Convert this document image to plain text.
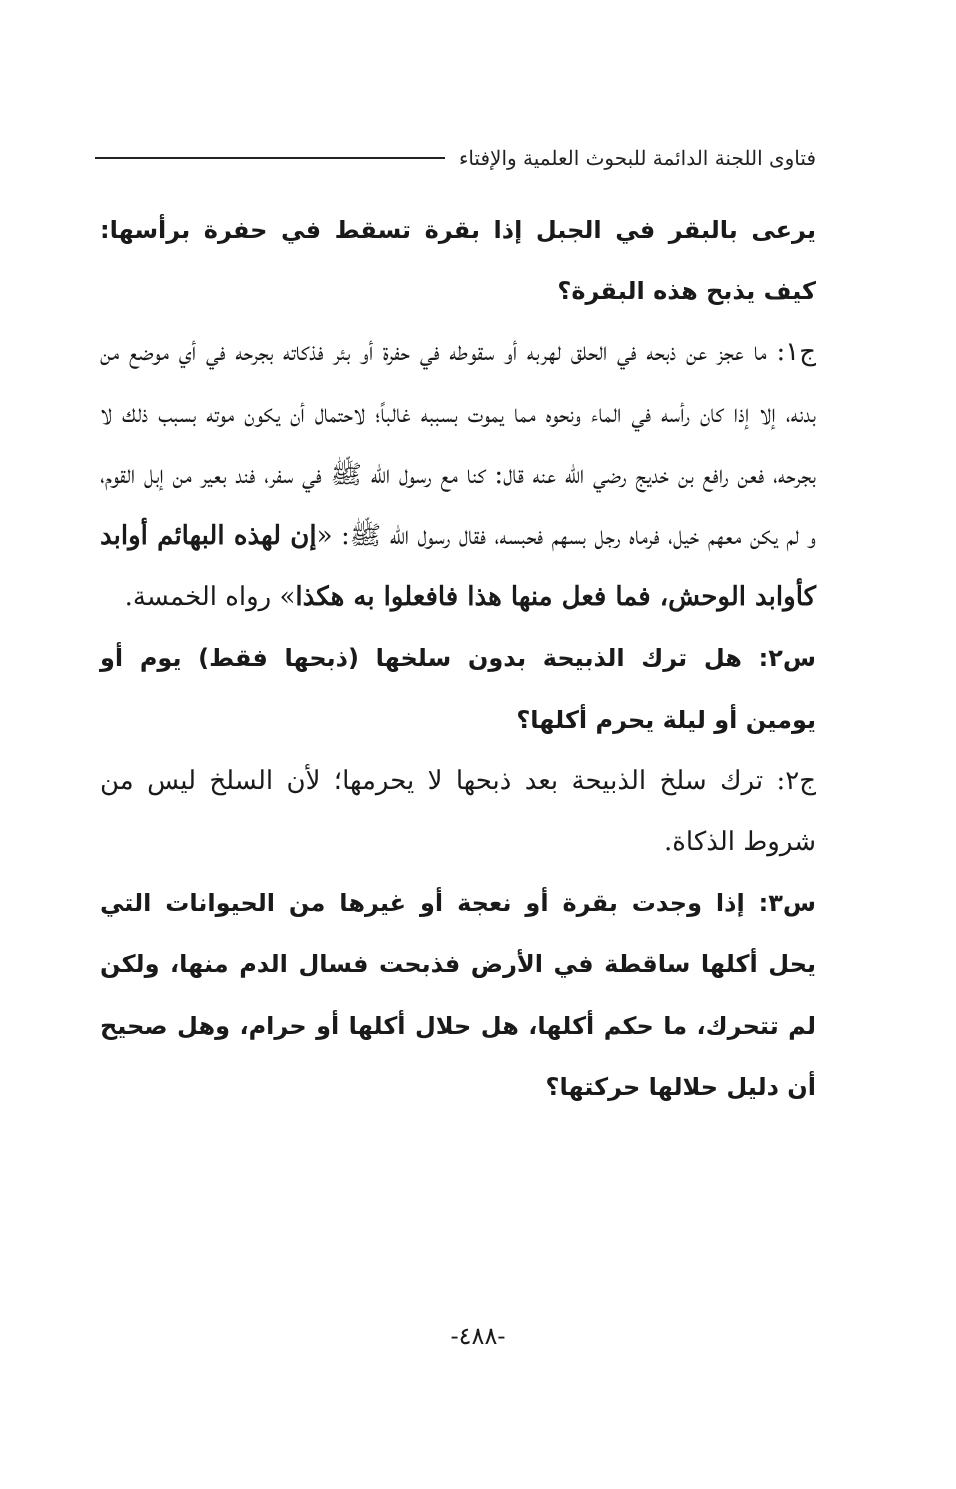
فتاوى اللجنة الدائمة للبحوث العلمية والإفتاء

يرعى بالبقر في الجبل إذا بقرة تسقط في حفرة برأسها: كيف يذبح هذه البقرة؟

ج١: ما عجز عن ذبحه في الحلق لهربه أو سقوطه في حفرة أو بئر فذكاته بجرحه في أي موضع من بدنه، إلا إذا كان رأسه في الماء ونحوه مما يموت بسببه غالباً؛ لاحتمال أن يكون موته بسبب ذلك لا بجرحه، فعن رافع بن خديج رضي الله عنه قال: كنا مع رسول الله ﷺ في سفر، فند بعير من إبل القوم، و لم يكن معهم خيل، فرماه رجل بسهم فحبسه، فقال رسول الله ﷺ: «إن لهذه البهائم أوابد كأوابد الوحش، فما فعل منها هذا فافعلوا به هكذا» رواه الخمسة.

س٢: هل ترك الذبيحة بدون سلخها (ذبحها فقط) يوم أو يومين أو ليلة يحرم أكلها؟

ج٢: ترك سلخ الذبيحة بعد ذبحها لا يحرمها؛ لأن السلخ ليس من شروط الذكاة.

س٣: إذا وجدت بقرة أو نعجة أو غيرها من الحيوانات التي يحل أكلها ساقطة في الأرض فذبحت فسال الدم منها، ولكن لم تتحرك، ما حكم أكلها، هل حلال أكلها أو حرام، وهل صحيح أن دليل حلالها حركتها؟

-٤٨٨-
